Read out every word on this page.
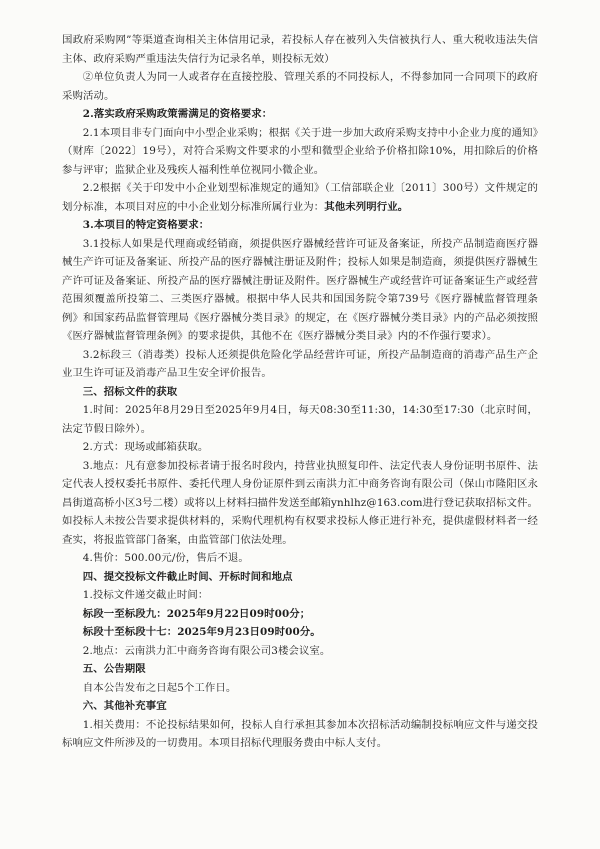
国政府采购网”等渠道查询相关主体信用记录，若投标人存在被列入失信被执行人、重大税收违法失信主体、政府采购严重违法失信行为记录名单，则投标无效）

②单位负责人为同一人或者存在直接控股、管理关系的不同投标人，不得参加同一合同项下的政府采购活动。

2.落实政府采购政策需满足的资格要求：

2.1本项目非专门面向中小型企业采购；根据《关于进一步加大政府采购支持中小企业力度的通知》（财库〔2022〕19号），对符合采购文件要求的小型和微型企业给予价格扣除10%，用扣除后的价格参与评审；监狱企业及残疾人福利性单位视同小微企业。

2.2根据《关于印发中小企业划型标准规定的通知》（工信部联企业〔2011〕300号）文件规定的划分标准，本项目对应的中小企业划分标准所属行业为：其他未列明行业。

3.本项目的特定资格要求：

3.1投标人如果是代理商或经销商，须提供医疗器械经营许可证及备案证，所投产品制造商医疗器械生产许可证及备案证、所投产品的医疗器械注册证及附件；投标人如果是制造商，须提供医疗器械生产许可证及备案证、所投产品的医疗器械注册证及附件。医疗器械生产或经营许可证备案证生产或经营范围须覆盖所投第二、三类医疗器械。根据中华人民共和国国务院令第739号《医疗器械监督管理条例》和国家药品监督管理局《医疗器械分类目录》的规定，在《医疗器械分类目录》内的产品必须按照《医疗器械监督管理条例》的要求提供，其他不在《医疗器械分类目录》内的不作强行要求）。

3.2标段三（消毒类）投标人还须提供危险化学品经营许可证，所投产品制造商的消毒产品生产企业卫生许可证及消毒产品卫生安全评价报告。

三、招标文件的获取

1.时间：2025年8月29日至2025年9月4日，每天08:30至11:30，14:30至17:30（北京时间，法定节假日除外）。

2.方式：现场或邮箱获取。

3.地点：凡有意参加投标者请于报名时段内，持营业执照复印件、法定代表人身份证明书原件、法定代表人授权委托书原件、委托代理人身份证原件到云南洪力汇中商务咨询有限公司（保山市隆阳区永昌街道高桥小区3号二楼）或将以上材料扫描件发送至邮箱ynhlhz@163.com进行登记获取招标文件。如投标人未按公告要求提供材料的，采购代理机构有权要求投标人修正进行补充，提供虚假材料者一经查实，将报监管部门备案，由监管部门依法处理。

4.售价：500.00元/份，售后不退。

四、提交投标文件截止时间、开标时间和地点

1.投标文件递交截止时间：

标段一至标段九：2025年9月22日09时00分；

标段十至标段十七：2025年9月23日09时00分。

2.地点：云南洪力汇中商务咨询有限公司3楼会议室。

五、公告期限

自本公告发布之日起5个工作日。

六、其他补充事宜

1.相关费用：不论投标结果如何，投标人自行承担其参加本次招标活动编制投标响应文件与递交投标响应文件所涉及的一切费用。本项目招标代理服务费由中标人支付。
